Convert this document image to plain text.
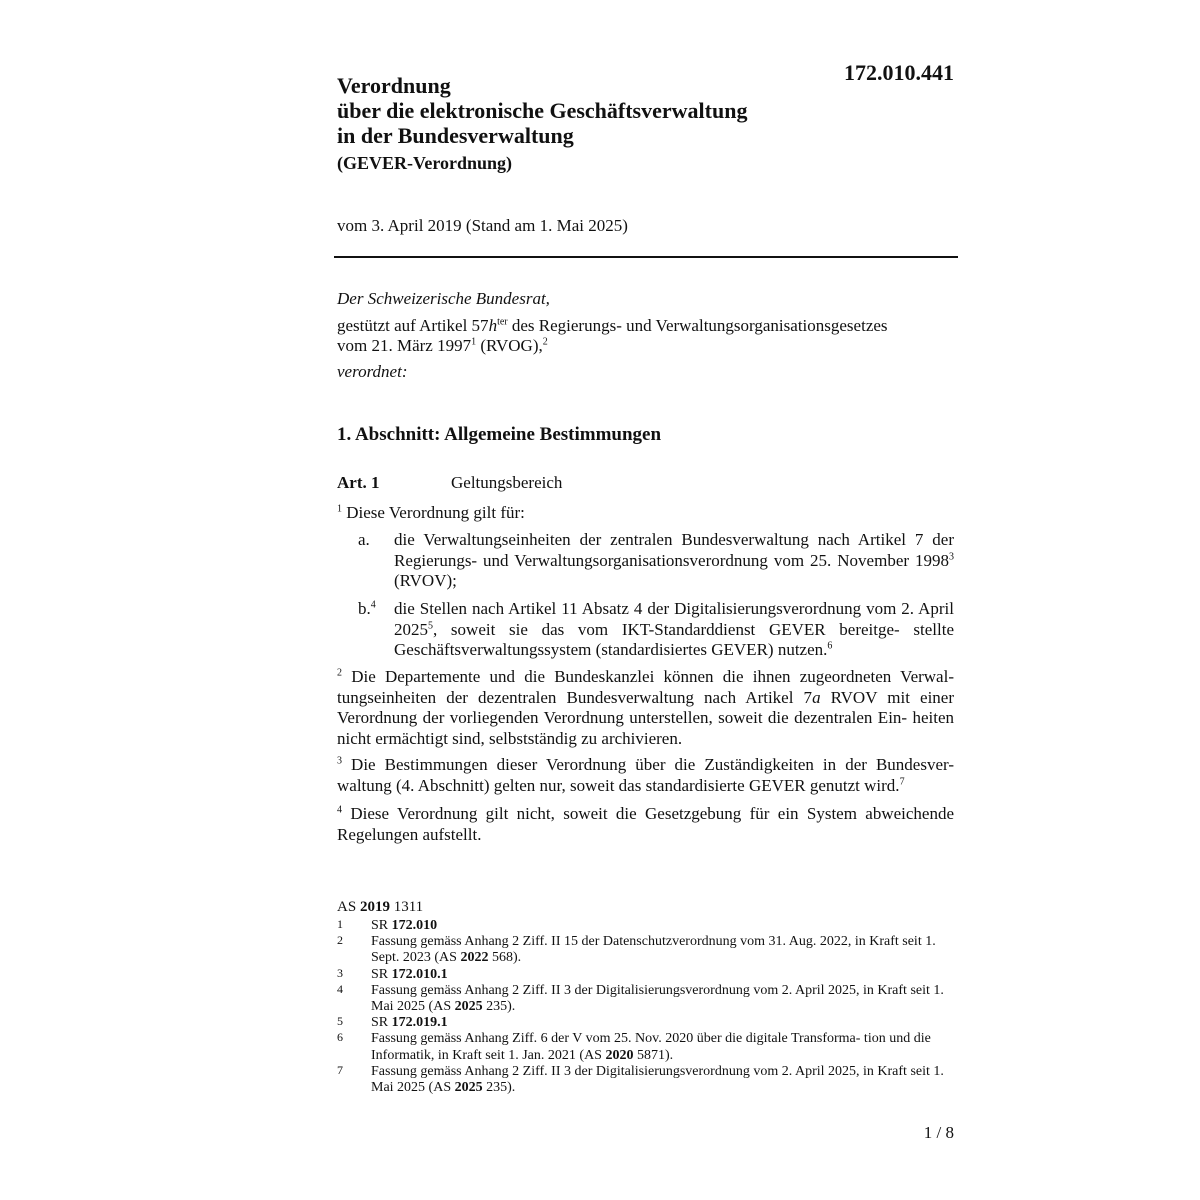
172.010.441
Verordnung
über die elektronische Geschäftsverwaltung
in der Bundesverwaltung
(GEVER-Verordnung)
vom 3. April 2019 (Stand am 1. Mai 2025)
Der Schweizerische Bundesrat,
gestützt auf Artikel $57h^{ter}$ des Regierungs- und Verwaltungsorganisationsgesetzes
vom 21. März 1997$^1$ (RVOG),$^2$
verordnet:
1. Abschnitt: Allgemeine Bestimmungen
Art. 1	Geltungsbereich
$^1$ Diese Verordnung gilt für:
a. die Verwaltungseinheiten der zentralen Bundesverwaltung nach Artikel 7 der Regierungs- und Verwaltungsorganisationsverordnung vom 25. November 1998$^3$ (RVOV);
b.$^4$ die Stellen nach Artikel 11 Absatz 4 der Digitalisierungsverordnung vom 2. April 2025$^5$, soweit sie das vom IKT-Standarddienst GEVER bereitge- stellte Geschäftsverwaltungssystem (standardisiertes GEVER) nutzen.$^6$
$^2$ Die Departemente und die Bundeskanzlei können die ihnen zugeordneten Verwal- tungseinheiten der dezentralen Bundesverwaltung nach Artikel 7a RVOV mit einer Verordnung der vorliegenden Verordnung unterstellen, soweit die dezentralen Ein- heiten nicht ermächtigt sind, selbstständig zu archivieren.
$^3$ Die Bestimmungen dieser Verordnung über die Zuständigkeiten in der Bundesver- waltung (4. Abschnitt) gelten nur, soweit das standardisierte GEVER genutzt wird.$^7$
$^4$ Diese Verordnung gilt nicht, soweit die Gesetzgebung für ein System abweichende Regelungen aufstellt.
AS 2019 1311
1 SR 172.010
2 Fassung gemäss Anhang 2 Ziff. II 15 der Datenschutzverordnung vom 31. Aug. 2022, in Kraft seit 1. Sept. 2023 (AS 2022 568).
3 SR 172.010.1
4 Fassung gemäss Anhang 2 Ziff. II 3 der Digitalisierungsverordnung vom 2. April 2025, in Kraft seit 1. Mai 2025 (AS 2025 235).
5 SR 172.019.1
6 Fassung gemäss Anhang Ziff. 6 der V vom 25. Nov. 2020 über die digitale Transforma- tion und die Informatik, in Kraft seit 1. Jan. 2021 (AS 2020 5871).
7 Fassung gemäss Anhang 2 Ziff. II 3 der Digitalisierungsverordnung vom 2. April 2025, in Kraft seit 1. Mai 2025 (AS 2025 235).
1 / 8
